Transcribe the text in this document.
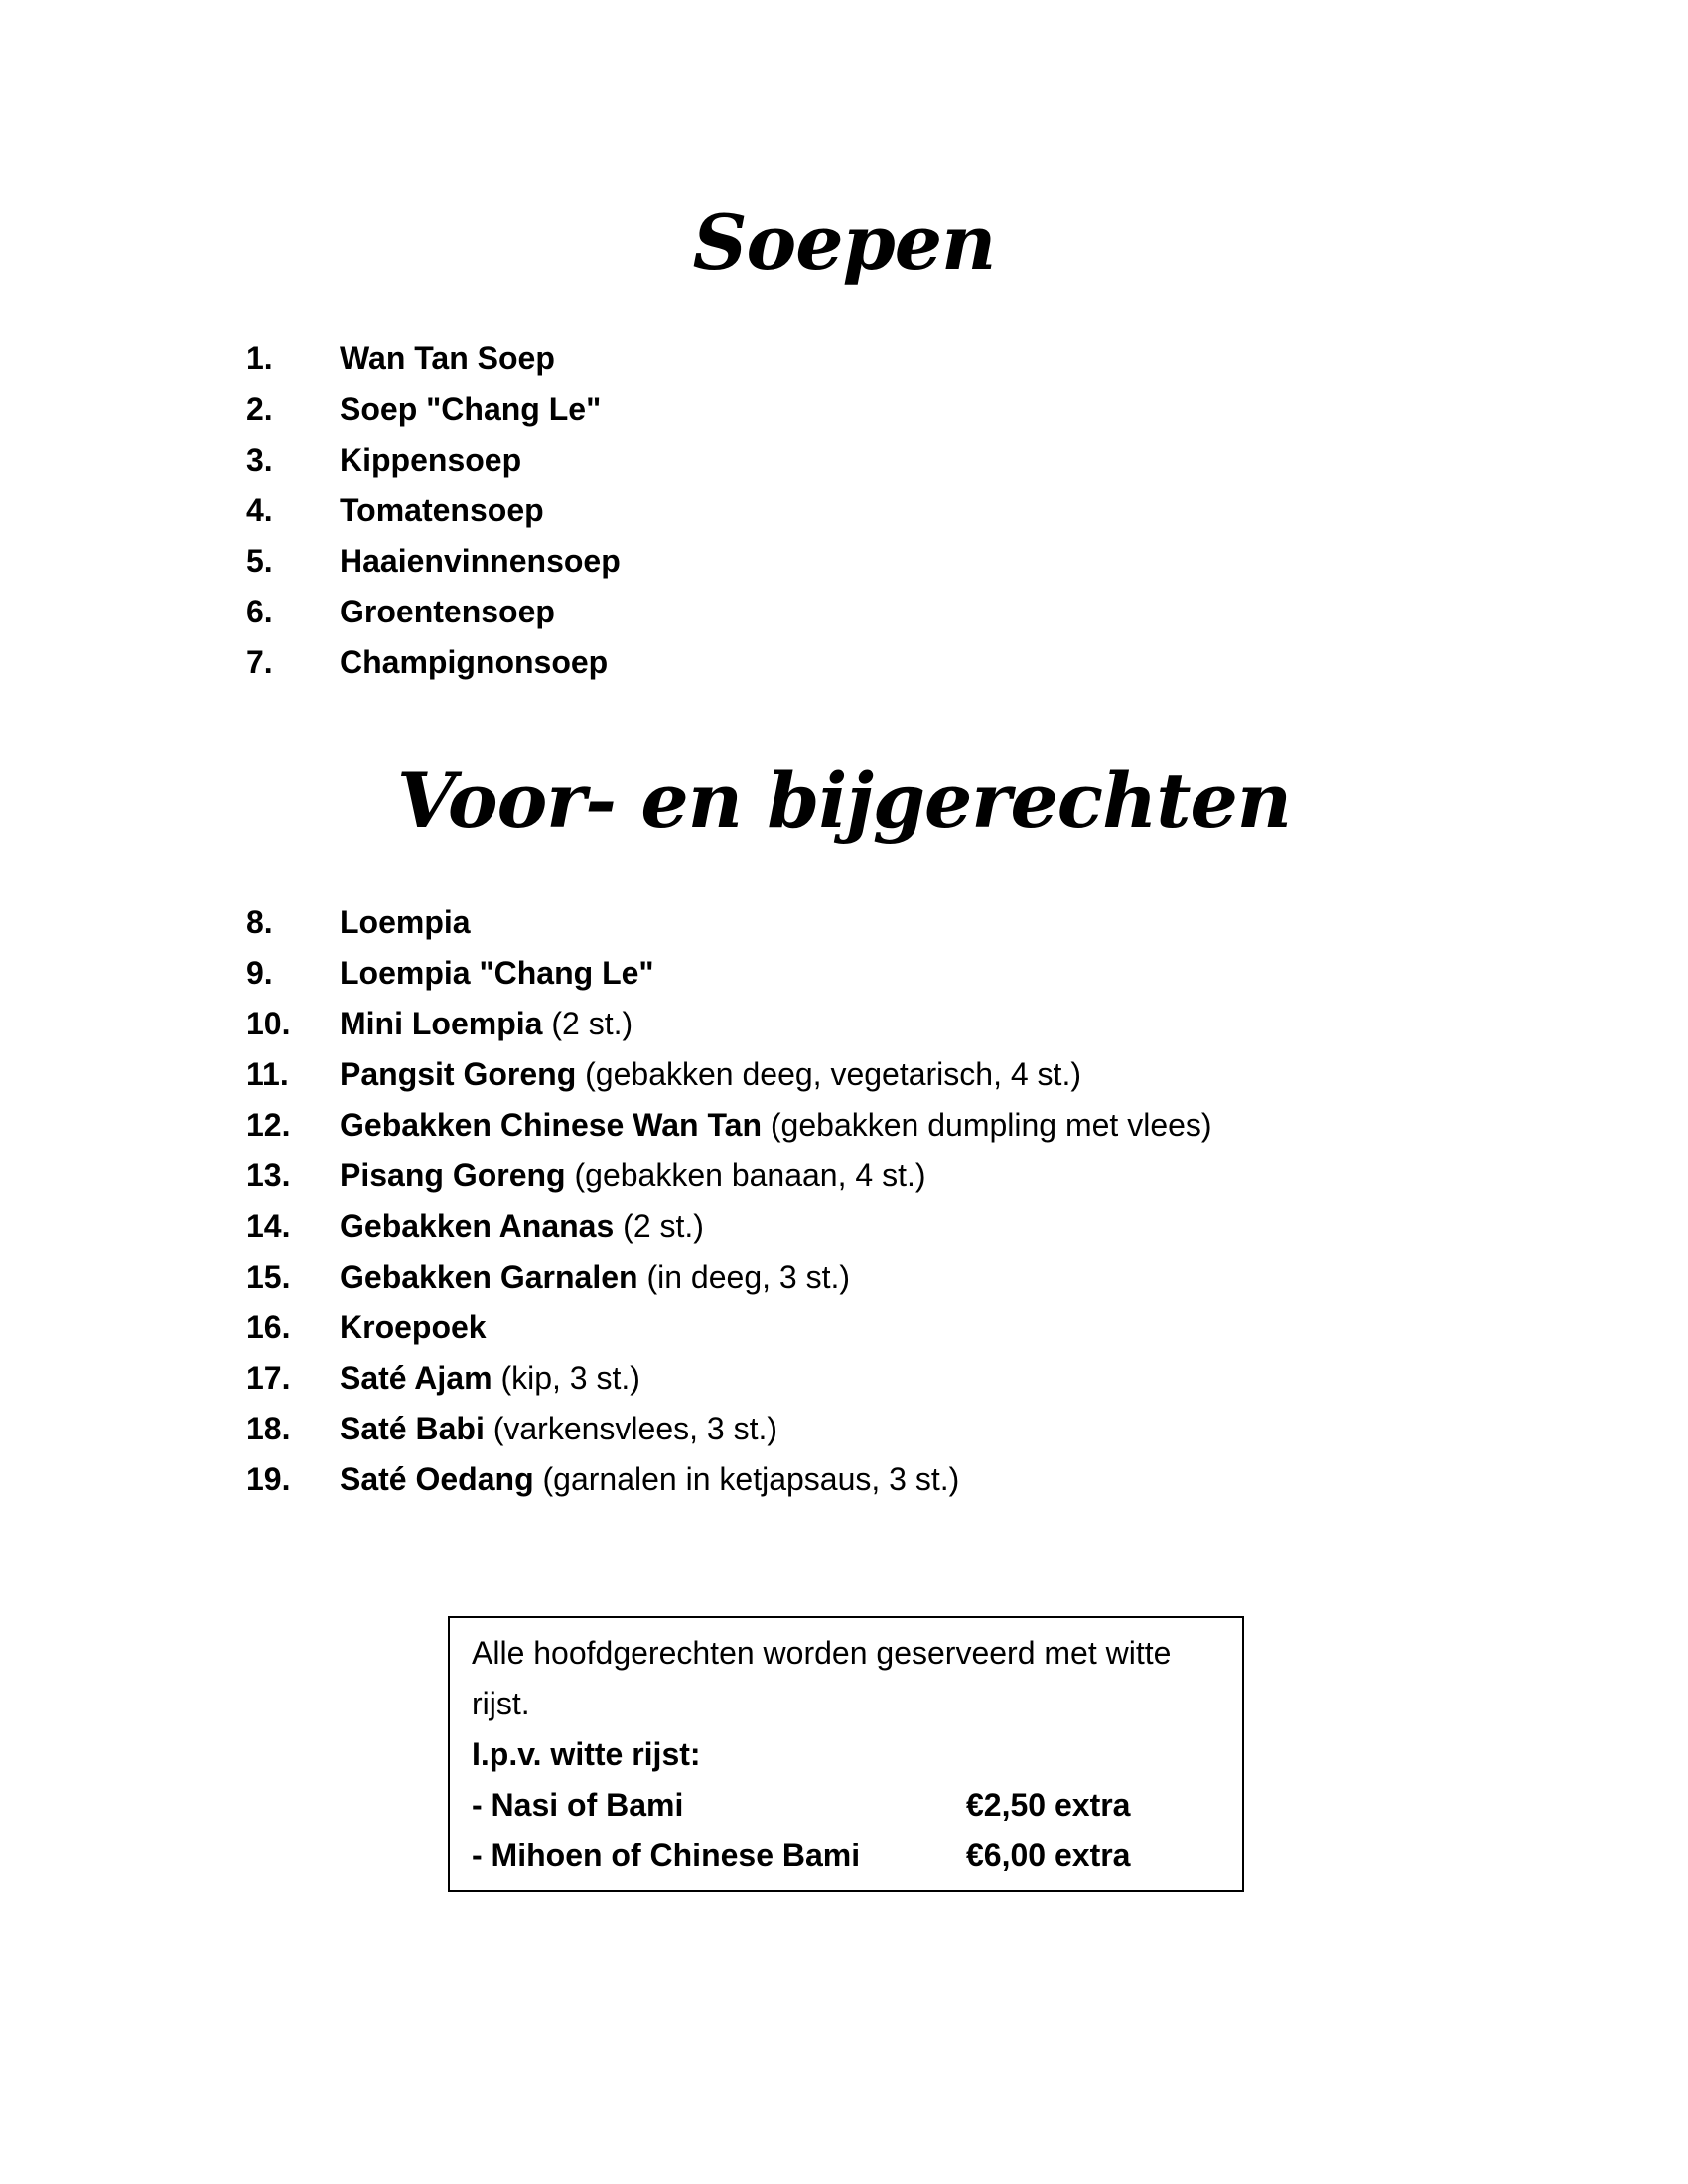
Soepen
1. Wan Tan Soep
2. Soep "Chang Le"
3. Kippensoep
4. Tomatensoep
5. Haaienvinnensoep
6. Groentensoep
7. Champignonsoep
Voor- en bijgerechten
8. Loempia
9. Loempia "Chang Le"
10. Mini Loempia (2 st.)
11. Pangsit Goreng (gebakken deeg, vegetarisch, 4 st.)
12. Gebakken Chinese Wan Tan (gebakken dumpling met vlees)
13. Pisang Goreng (gebakken banaan, 4 st.)
14. Gebakken Ananas (2 st.)
15. Gebakken Garnalen (in deeg, 3 st.)
16. Kroepoek
17. Saté Ajam (kip, 3 st.)
18. Saté Babi (varkensvlees, 3 st.)
19. Saté Oedang (garnalen in ketjapsaus, 3 st.)
Alle hoofdgerechten worden geserveerd met witte rijst.
I.p.v. witte rijst:
- Nasi of Bami	€2,50 extra
- Mihoen of Chinese Bami	€6,00 extra
